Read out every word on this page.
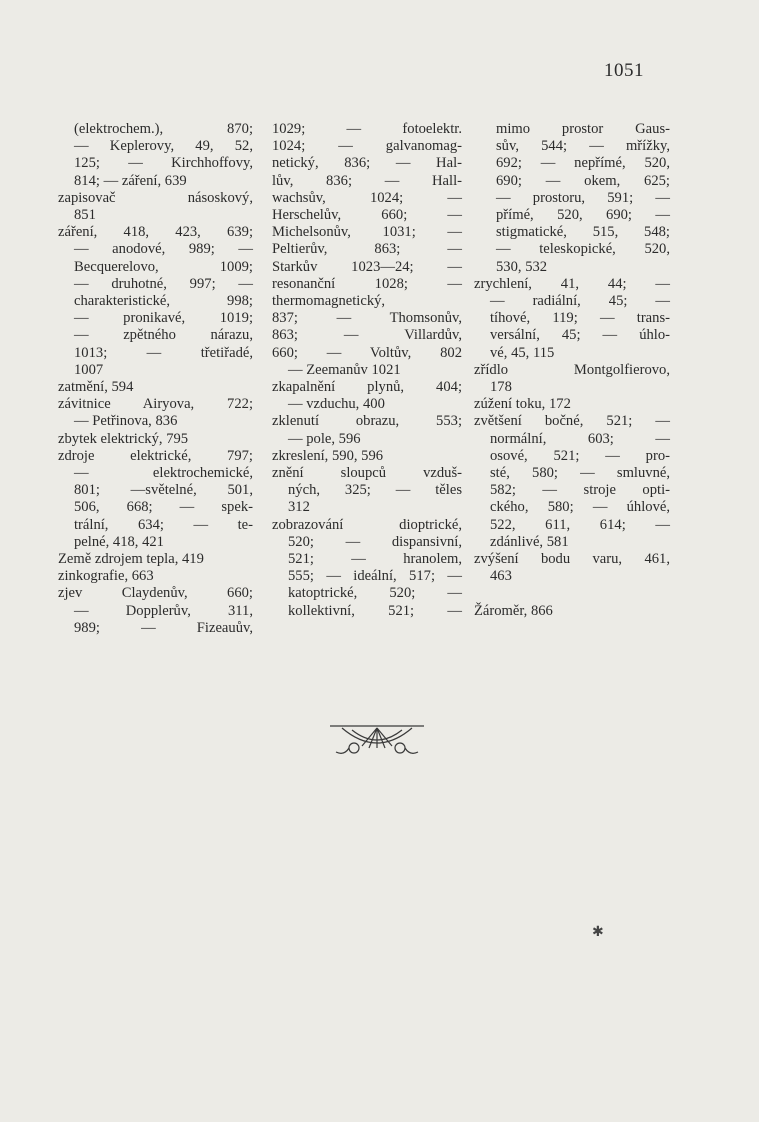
1051
(elektrochem.), 870;
— Keplerovy, 49, 52,
125; — Kirchhoffovy,
814; — záření, 639
zapisovač násoskový,
851
záření, 418, 423, 639;
— anodové, 989; —
Becquerelovo, 1009;
— druhotné, 997; —
charakteristické, 998;
— pronikavé, 1019;
— zpětného nárazu,
1013; — třetiřadé,
1007
zatmění, 594
závitnice Airyova, 722;
— Petřinova, 836
zbytek elektrický, 795
zdroje elektrické, 797;
— elektrochemické,
801; —světelné, 501,
506, 668; — spek-
trální, 634; — te-
pelné, 418, 421
Země zdrojem tepla, 419
zinkografie, 663
zjev Claydenův, 660;
— Dopplerův, 311,
989; — Fizeauův,
1029; — fotoelektr.
1024; — galvanomag-
netický, 836; — Hal-
lův, 836; — Hall-
wachsův, 1024; —
Herschelův, 660; —
Michelsonův, 1031; —
Peltierův, 863; —
Starkův 1023—24; —
resonanční 1028; —
thermomagnetický,
837; — Thomsonův,
863; — Villardův,
660; — Voltův, 802
— Zeemanův 1021
zkapalnění plynů, 404;
— vzduchu, 400
zklenutí obrazu, 553;
— pole, 596
zkreslení, 590, 596
znění sloupců vzduš-
ných, 325; — těles
312
zobrazování dioptrické,
520; — dispansivní,
521; — hranolem,
555; — ideální, 517; —
katoptrické, 520; —
kollektivní, 521; —
mimo prostor Gaus-
sův, 544; — mřížky,
692; — nepřímé, 520,
690; — okem, 625;
— prostoru, 591; —
přímé, 520, 690; —
stigmatické, 515, 548;
— teleskopické, 520,
530, 532
zrychlení, 41, 44; —
— radiální, 45; —
tíhové, 119; — trans-
versální, 45; — úhlo-
vé, 45, 115
zřídlo Montgolfierovo,
178
zúžení toku, 172
zvětšení bočné, 521; —
normální, 603; —
osové, 521; — pro-
sté, 580; — smluvné,
582; — stroje opti-
ckého, 580; — úhlové,
522, 611, 614; —
zdánlivé, 581
zvýšení bodu varu, 461,
463

Žároměr, 866
✱
